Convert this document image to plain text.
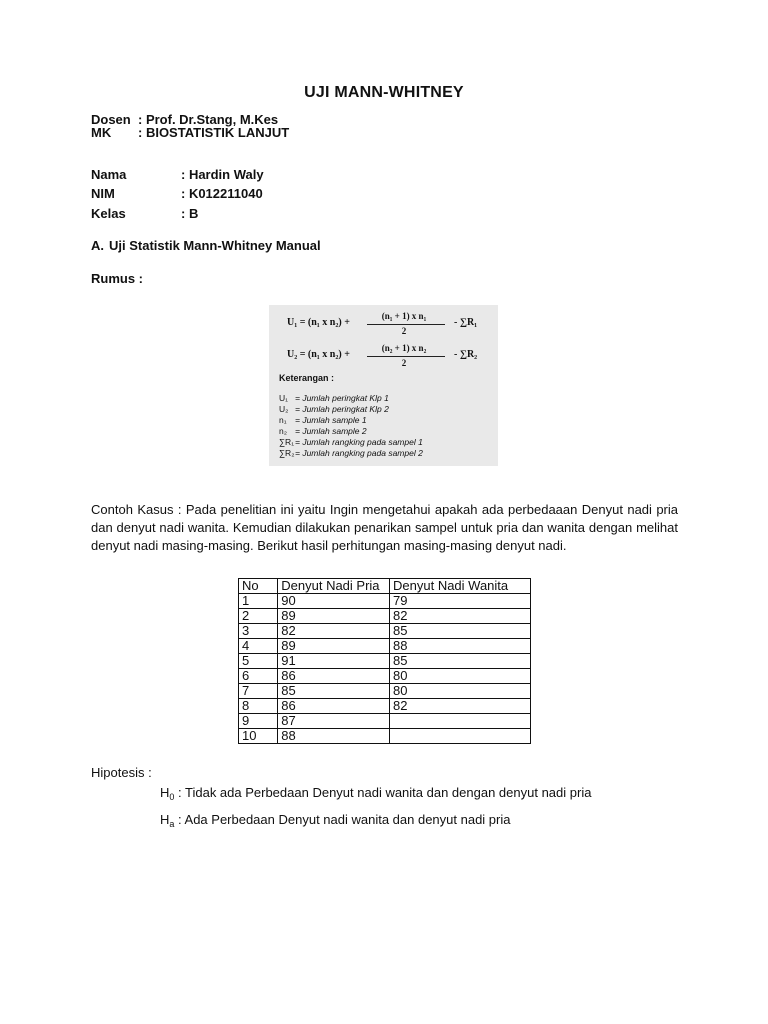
UJI MANN-WHITNEY
Dosen : Prof. Dr.Stang, M.Kes
MK : BIOSTATISTIK LANJUT
Nama	: Hardin Waly
NIM	: K012211040
Kelas	: B
A. Uji Statistik Mann-Whitney Manual
Rumus :
U₁ = (n₁ x n₂) +
(n₁ + 1) x n₁
2
- ∑R₁
U₂ = (n₁ x n₂) +
(n₂ + 1) x n₂
2
- ∑R₂
Keterangan :
U₁ = Jumlah peringkat Klp 1
U₂ = Jumlah peringkat Klp 2
n₁ = Jumlah sample 1
n₂ = Jumlah sample 2
∑R₁= Jumlah rangking pada sampel 1
∑R₂= Jumlah rangking pada sampel 2
Contoh Kasus : Pada penelitian ini yaitu Ingin mengetahui apakah ada perbedaaan Denyut nadi pria dan denyut nadi wanita. Kemudian dilakukan penarikan sampel untuk pria dan wanita dengan melihat denyut nadi masing-masing. Berikut hasil perhitungan masing-masing denyut nadi.
No	Denyut Nadi Pria	Denyut Nadi Wanita
1	90	79
2	89	82
3	82	85
4	89	88
5	91	85
6	86	80
7	85	80
8	86	82
9	87	
10	88	
Hipotesis :
$H_0$ : Tidak ada Perbedaan Denyut nadi wanita dan dengan denyut nadi pria
$H_a$ : Ada Perbedaan Denyut nadi wanita dan denyut nadi pria
